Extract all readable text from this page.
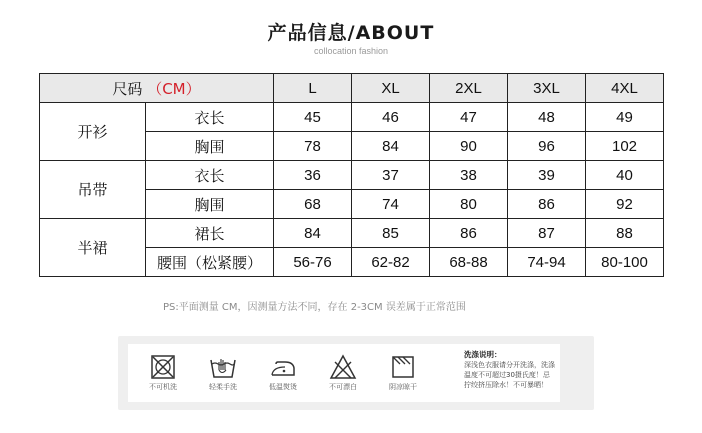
产品信息/ABOUT
collocation fashion
尺码 （CM）		L	XL	2XL	3XL	4XL
开衫	衣长	45	46	47	48	49
	胸围	78	84	90	96	102
吊带	衣长	36	37	38	39	40
	胸围	68	74	80	86	92
半裙	裙长	84	85	86	87	88
	腰围（松紧腰）	56-76	62-82	68-88	74-94	80-100
PS:平面测量 CM，因测量方法不同，存在 2-3CM 误差属于正常范围
不可机洗	轻柔手洗	低温熨烫	不可漂白	阴凉晾干
洗涤说明：
深浅色衣服请分开洗涤，洗涤温度不可超过30摄氏度！忌拧绞挤压除水！不可暴晒！
